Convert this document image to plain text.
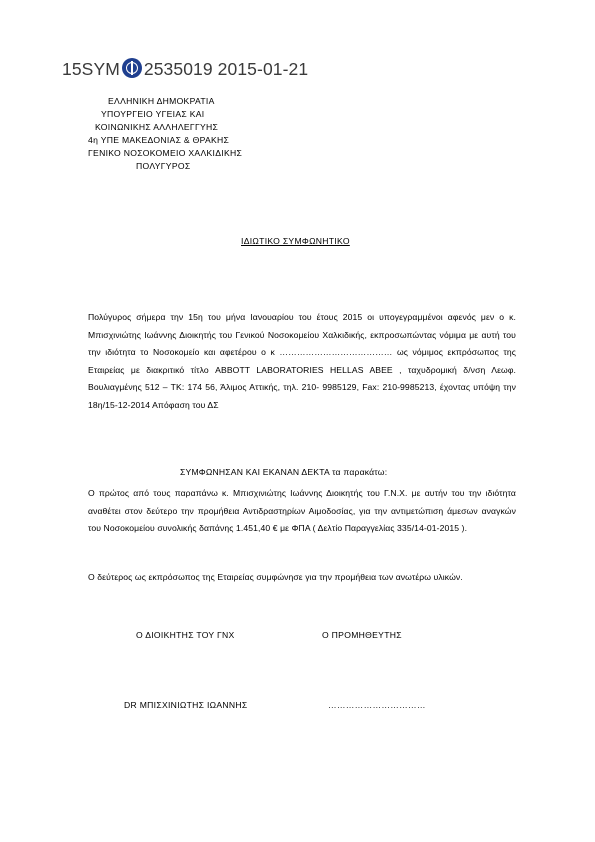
15SYM 2535019 2015-01-21
ΕΛΛΗΝΙΚΗ ΔΗΜΟΚΡΑΤΙΑ
ΥΠΟΥΡΓΕΙΟ ΥΓΕΙΑΣ ΚΑΙ
ΚΟΙΝΩΝΙΚΗΣ ΑΛΛΗΛΕΓΓΥΗΣ
4η ΥΠΕ ΜΑΚΕΔΟΝΙΑΣ & ΘΡΑΚΗΣ
ΓΕΝΙΚΟ ΝΟΣΟΚΟΜΕΙΟ ΧΑΛΚΙΔΙΚΗΣ
ΠΟΛΥΓΥΡΟΣ
ΙΔΙΩΤΙΚΟ ΣΥΜΦΩΝΗΤΙΚΟ
Πολύγυρος σήμερα την 15η του μήνα Ιανουαρίου του έτους 2015 οι υπογεγραμμένοι αφενός μεν ο κ. Μπισχινιώτης Ιωάννης Διοικητής του Γενικού Νοσοκομείου Χαλκιδικής, εκπροσωπώντας νόμιμα με αυτή του την ιδιότητα το Νοσοκομείο και αφετέρου ο κ ………………………………… ως νόμιμος εκπρόσωπος της Εταιρείας με διακριτικό τίτλο ABBOTT LABORATORIES HELLAS ABEE , ταχυδρομική δ/νση Λεωφ. Βουλιαγμένης 512 – ΤΚ: 174 56, Άλιμος Αττικής, τηλ. 210- 9985129, Fax: 210-9985213, έχοντας υπόψη την 18η/15-12-2014 Απόφαση του ΔΣ
ΣΥΜΦΩΝΗΣΑΝ ΚΑΙ ΕΚΑΝΑΝ ΔΕΚΤΑ τα παρακάτω:
Ο πρώτος από τους παραπάνω κ. Μπισχινιώτης Ιωάννης Διοικητής του Γ.Ν.Χ. με αυτήν του την ιδιότητα αναθέτει στον δεύτερο την προμήθεια Αντιδραστηρίων Αιμοδοσίας, για την αντιμετώπιση άμεσων αναγκών του Νοσοκομείου συνολικής δαπάνης 1.451,40 € με ΦΠΑ ( Δελτίο Παραγγελίας 335/14-01-2015 ).
Ο δεύτερος ως εκπρόσωπος της Εταιρείας συμφώνησε για την προμήθεια των ανωτέρω υλικών.
Ο ΔΙΟΙΚΗΤΗΣ ΤΟΥ ΓΝΧ	Ο ΠΡΟΜΗΘΕΥΤΗΣ
DR ΜΠΙΣΧΙΝΙΩΤΗΣ ΙΩΑΝΝΗΣ	……………………………
